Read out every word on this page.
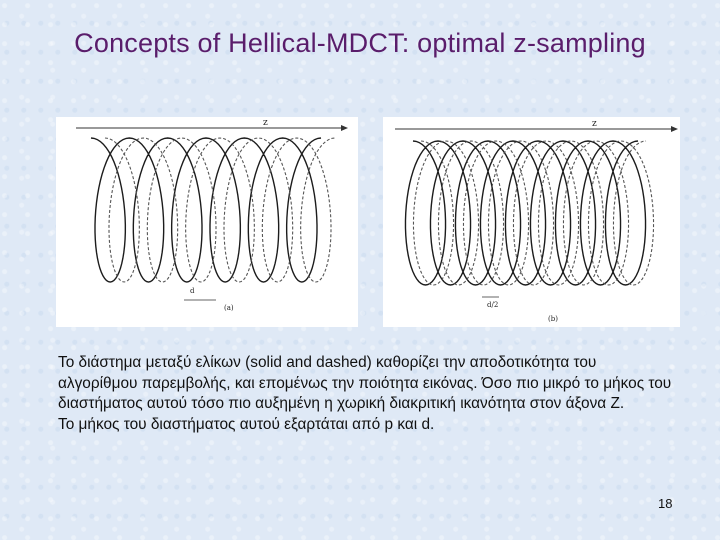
Concepts of Hellical-MDCT: optimal z-sampling
z
d
(a)
z
d/2
(b)

Το διάστημα μεταξύ ελίκων (solid and dashed) καθορίζει την αποδοτικότητα του αλγορίθμου παρεμβολής, και επομένως την ποιότητα εικόνας. Όσο πιο μικρό το μήκος του διαστήματος αυτού τόσο πιο αυξημένη η χωρική διακριτική ικανότητα στον άξονα Ζ.

Το μήκος του διαστήματος αυτού εξαρτάται από p και d.

18
